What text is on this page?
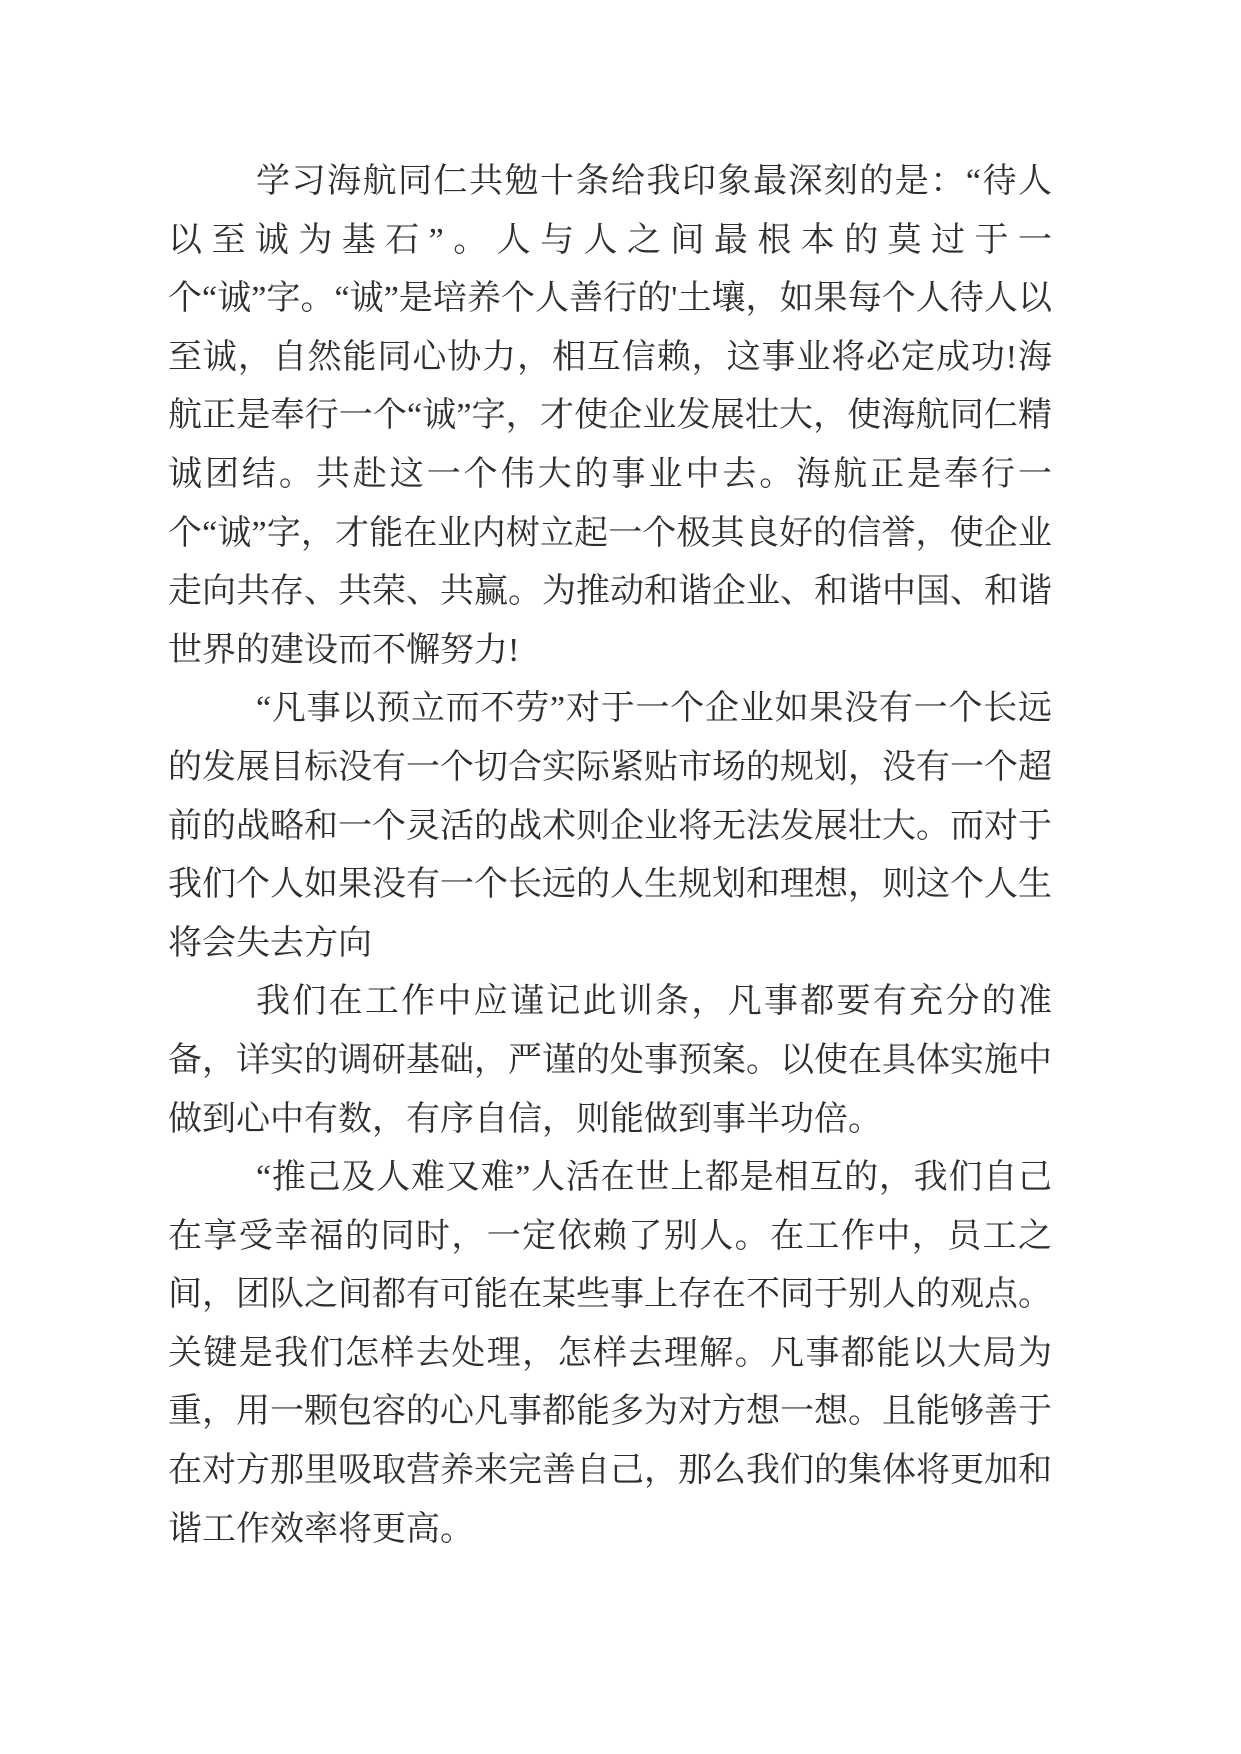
学习海航同仁共勉十条给我印象最深刻的是：“待人以至诚为基石”。人与人之间最根本的莫过于一个“诚”字。“诚”是培养个人善行的'土壤，如果每个人待人以至诚，自然能同心协力，相互信赖，这事业将必定成功!海航正是奉行一个“诚”字，才使企业发展壮大，使海航同仁精诚团结。共赴这一个伟大的事业中去。海航正是奉行一个“诚”字，才能在业内树立起一个极其良好的信誉，使企业走向共存、共荣、共赢。为推动和谐企业、和谐中国、和谐世界的建设而不懈努力!

“凡事以预立而不劳”对于一个企业如果没有一个长远的发展目标没有一个切合实际紧贴市场的规划，没有一个超前的战略和一个灵活的战术则企业将无法发展壮大。而对于我们个人如果没有一个长远的人生规划和理想，则这个人生将会失去方向

我们在工作中应谨记此训条，凡事都要有充分的准备，详实的调研基础，严谨的处事预案。以使在具体实施中做到心中有数，有序自信，则能做到事半功倍。

“推己及人难又难”人活在世上都是相互的，我们自己在享受幸福的同时，一定依赖了别人。在工作中，员工之间，团队之间都有可能在某些事上存在不同于别人的观点。关键是我们怎样去处理，怎样去理解。凡事都能以大局为重，用一颗包容的心凡事都能多为对方想一想。且能够善于在对方那里吸取营养来完善自己，那么我们的集体将更加和谐工作效率将更高。
